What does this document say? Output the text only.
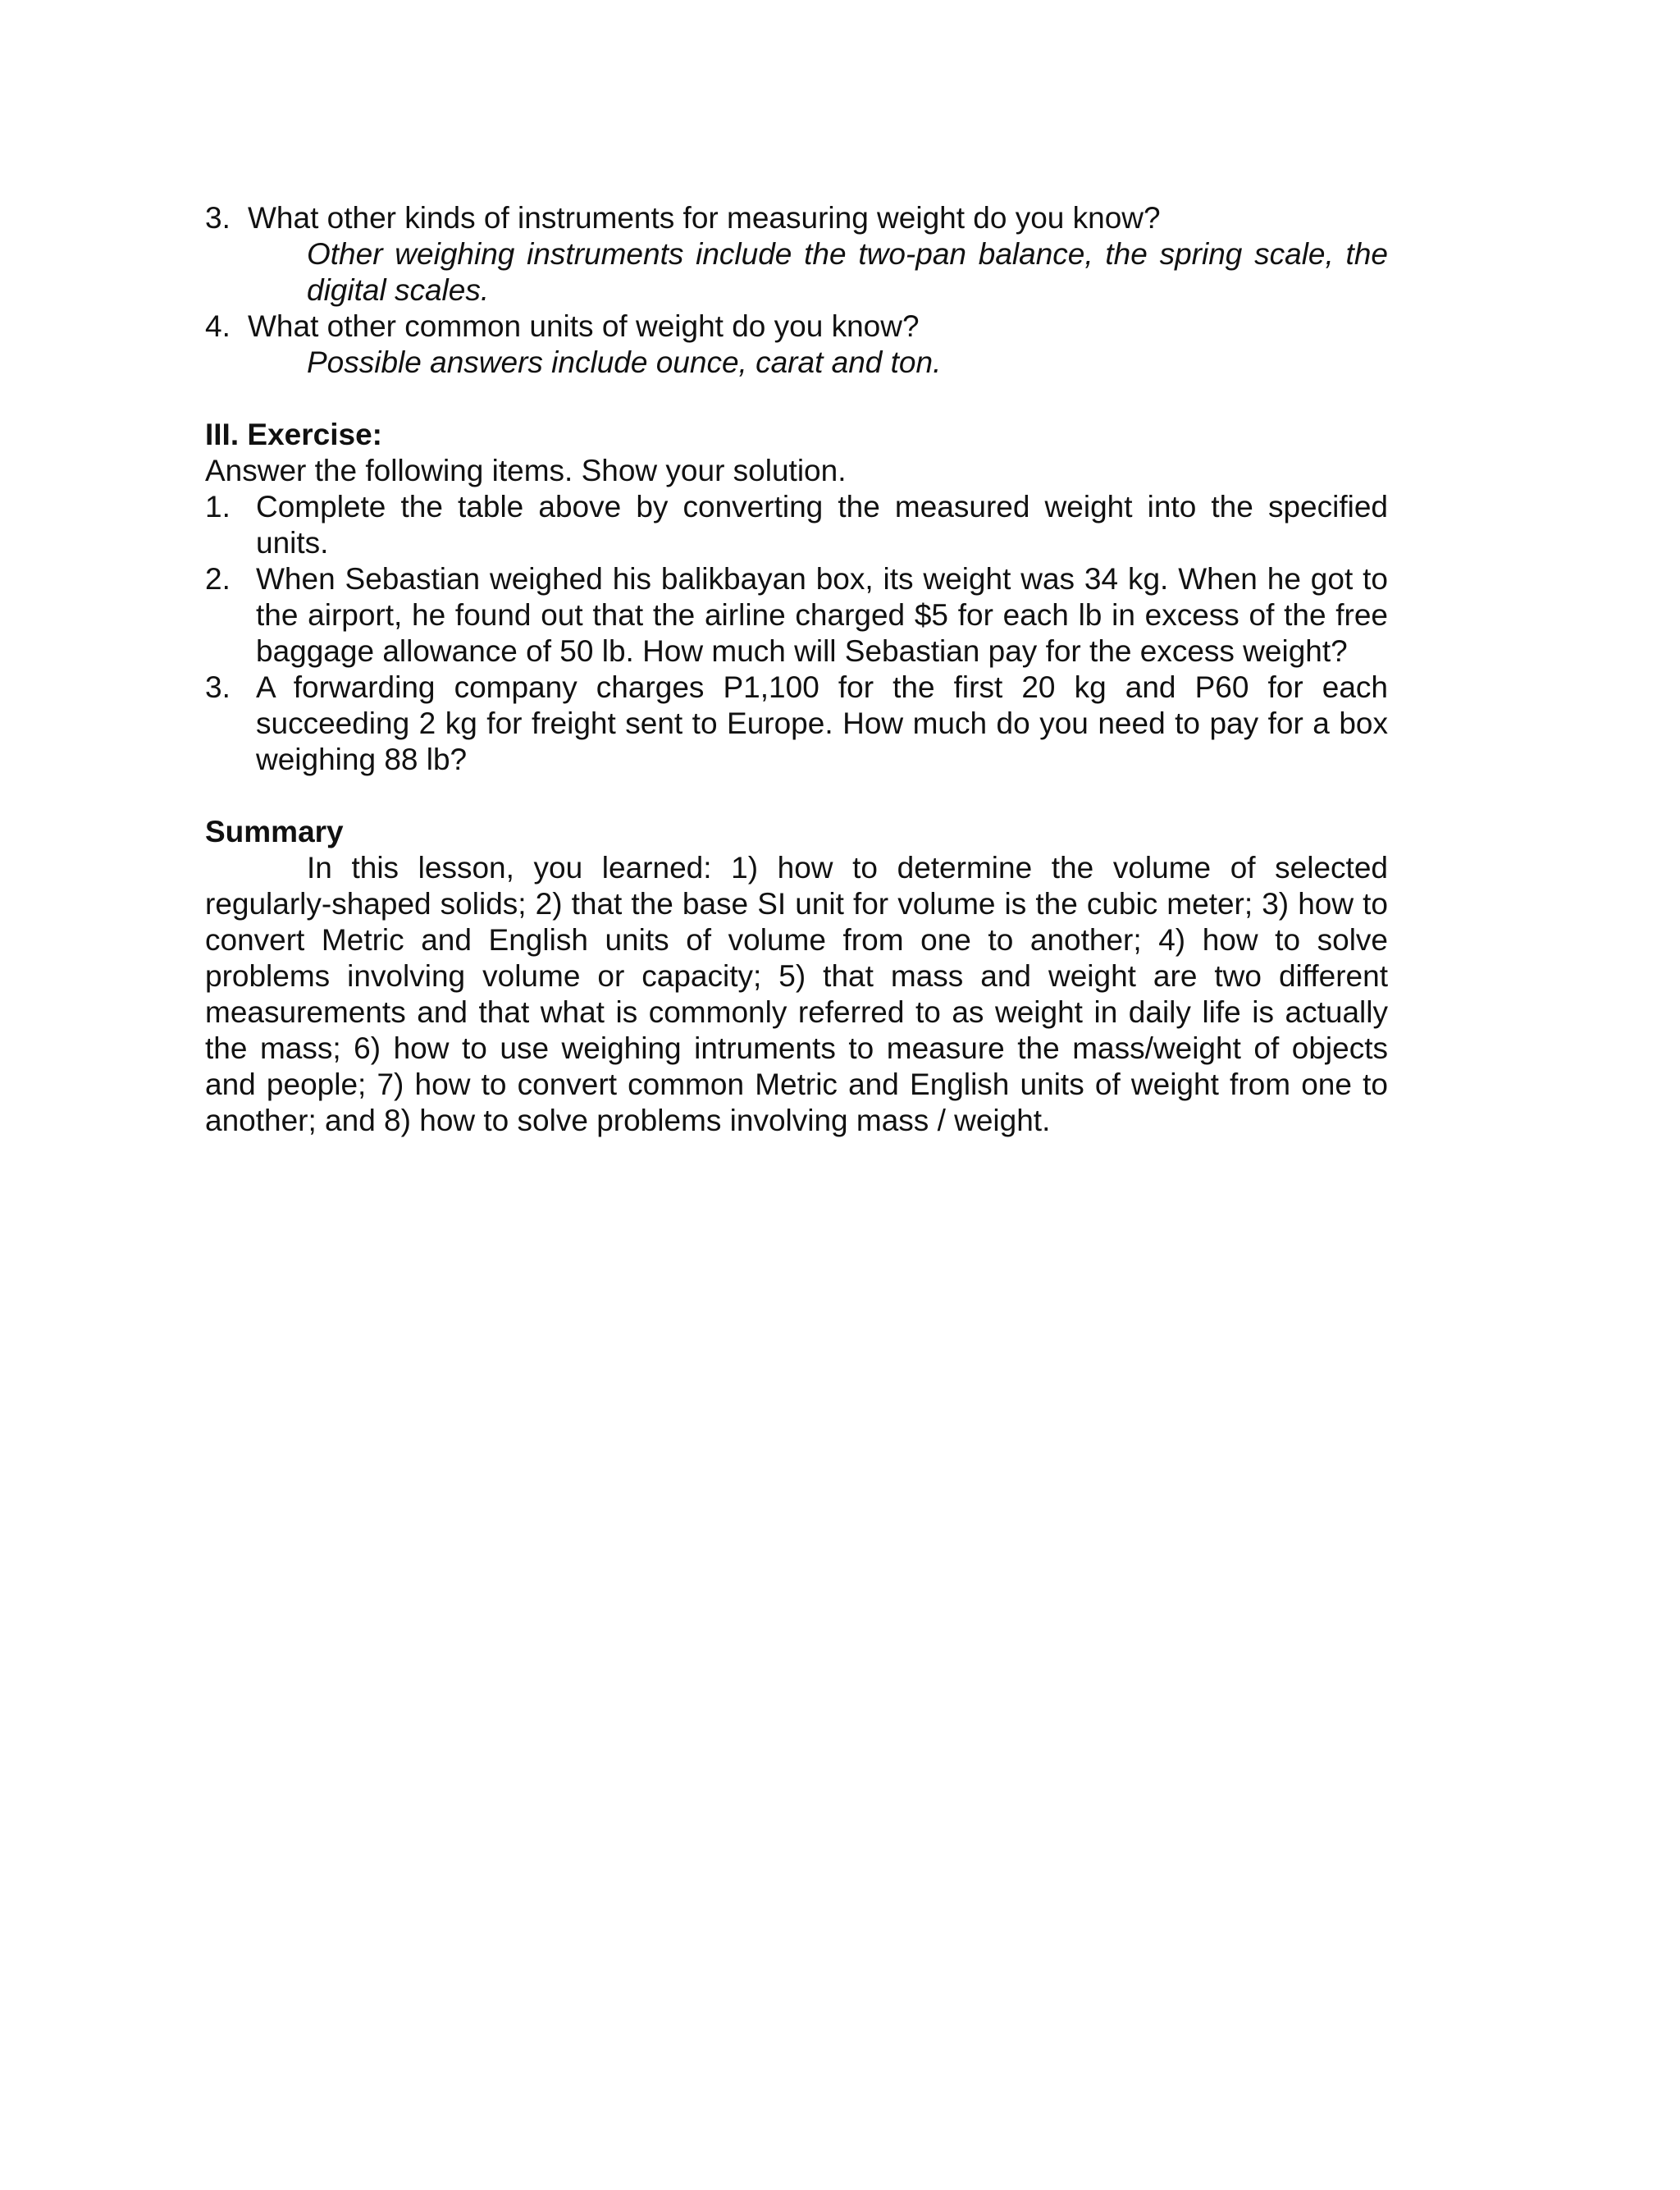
3. What other kinds of instruments for measuring weight do you know?
Other weighing instruments include the two-pan balance, the spring scale, the digital scales.
4. What other common units of weight do you know?
Possible answers include ounce, carat and ton.
III. Exercise:
Answer the following items. Show your solution.
1. Complete the table above by converting the measured weight into the specified units.
2. When Sebastian weighed his balikbayan box, its weight was 34 kg. When he got to the airport, he found out that the airline charged $5 for each lb in excess of the free baggage allowance of 50 lb. How much will Sebastian pay for the excess weight?
3. A forwarding company charges P1,100 for the first 20 kg and P60 for each succeeding 2 kg for freight sent to Europe. How much do you need to pay for a box weighing 88 lb?
Summary
In this lesson, you learned: 1) how to determine the volume of selected regularly-shaped solids; 2) that the base SI unit for volume is the cubic meter; 3) how to convert Metric and English units of volume from one to another; 4) how to solve problems involving volume or capacity; 5) that mass and weight are two different measurements and that what is commonly referred to as weight in daily life is actually the mass; 6) how to use weighing intruments to measure the mass/weight of objects and people; 7) how to convert common Metric and English units of weight from one to another; and 8) how to solve problems involving mass / weight.
